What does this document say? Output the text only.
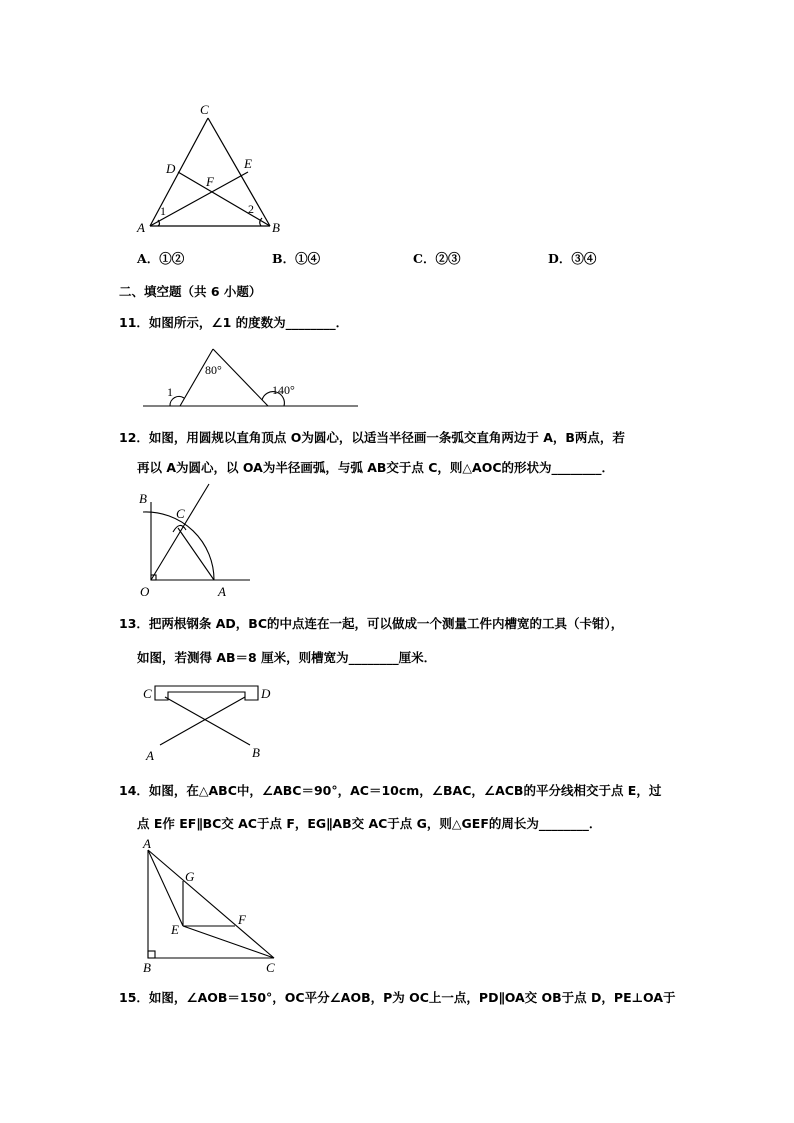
C
D	E
F
A	B
1	2
A．①②	B．①④	C．②③	D．③④
二、填空题（共 6 小题）
11．如图所示，∠1 的度数为________．
80°
140°
1
12．如图，用圆规以直角顶点 O为圆心，以适当半径画一条弧交直角两边于 A，B两点，若
再以 A为圆心，以 OA为半径画弧，与弧 AB交于点 C，则△AOC的形状为________．
B
C
O	A
13．把两根钢条 AD，BC的中点连在一起，可以做成一个测量工件内槽宽的工具（卡钳），
如图，若测得 AB＝8 厘米，则槽宽为________厘米．
C	D
A	B
14．如图，在△ABC中，∠ABC＝90°，AC＝10cm，∠BAC，∠ACB的平分线相交于点 E，过
点 E作 EF∥BC交 AC于点 F，EG∥AB交 AC于点 G，则△GEF的周长为________．
A
G
F
E
B	C
15．如图，∠AOB＝150°，OC平分∠AOB，P为 OC上一点，PD∥OA交 OB于点 D，PE⊥OA于
